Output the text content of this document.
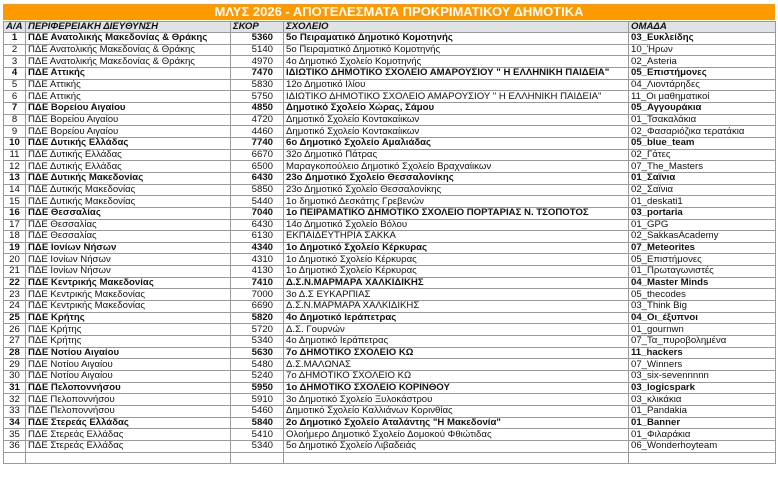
ΜΛΥΣ 2026 - ΑΠΟΤΕΛΕΣΜΑΤΑ ΠΡΟΚΡΙΜΑΤΙΚΟΥ ΔΗΜΟΤΙΚΑ
Α/Α	ΠΕΡΙΦΕΡΕΙΑΚΗ ΔΙΕΥΘΥΝΣΗ	ΣΚΟΡ	ΣΧΟΛΕΙΟ	ΟΜΑΔΑ
1	ΠΔΕ Ανατολικής Μακεδονίας & Θράκης	5360	5ο Πειραματικό Δημοτικό Κομοτηνής	03_Ευκλείδης
2	ΠΔΕ Ανατολικής Μακεδονίας & Θράκης	5140	5ο Πειραματικό Δημοτικό Κομοτηνής	10_Ήρων
3	ΠΔΕ Ανατολικής Μακεδονίας & Θράκης	4970	4ο Δημοτικό Σχολείο Κομοτηνής	02_Asteria
4	ΠΔΕ Αττικής	7470	ΙΔΙΩΤΙΚΟ ΔΗΜΟΤΙΚΟ ΣΧΟΛΕΙΟ ΑΜΑΡΟΥΣΙΟΥ " Η ΕΛΛΗΝΙΚΗ ΠΑΙΔΕΙΑ"	05_Επιστήμονες
5	ΠΔΕ Αττικής	5830	12ο Δημοτικό Ιλίου	04_Λιοντάρηδες
6	ΠΔΕ Αττικής	5750	ΙΔΙΩΤΙΚΟ ΔΗΜΟΤΙΚΟ ΣΧΟΛΕΙΟ ΑΜΑΡΟΥΣΙΟΥ " Η ΕΛΛΗΝΙΚΗ ΠΑΙΔΕΙΑ"	11_Οι μαθηματικοί
7	ΠΔΕ Βορείου Αιγαίου	4850	Δημοτικό Σχολείο Χώρας, Σάμου	05_Αγγουράκια
8	ΠΔΕ Βορείου Αιγαίου	4720	Δημοτικό Σχολείο Κοντακαίικων	01_Τσακαλάκια
9	ΠΔΕ Βορείου Αιγαίου	4460	Δημοτικό Σχολείο Κοντακαίικων	02_Φασαριόζικα τερατάκια
10	ΠΔΕ Δυτικής Ελλάδας	7740	6ο Δημοτικό Σχολείο Αμαλιάδας	05_blue_team
11	ΠΔΕ Δυτικής Ελλάδας	6670	32ο Δημοτικό Πάτρας	02_Γάτες
12	ΠΔΕ Δυτικής Ελλάδας	6500	Μαραγκοπούλειο Δημοτικό Σχολείο Βραχναίικων	07_The_Masters
13	ΠΔΕ Δυτικής Μακεδονίας	6430	23ο Δημοτικό Σχολείο Θεσσαλονίκης	01_Σαϊνια
14	ΠΔΕ Δυτικής Μακεδονίας	5850	23ο Δημοτικό Σχολείο Θεσσαλονίκης	02_Σαϊνια
15	ΠΔΕ Δυτικής Μακεδονίας	5440	1ο δημοτικό Δεσκάτης Γρεβενών	01_deskati1
16	ΠΔΕ Θεσσαλίας	7040	1ο ΠΕΙΡΑΜΑΤΙΚΟ ΔΗΜΟΤΙΚΟ ΣΧΟΛΕΙΟ ΠΟΡΤΑΡΙΑΣ Ν. ΤΣΟΠΟΤΟΣ	03_portaria
17	ΠΔΕ Θεσσαλίας	6430	14ο Δημοτικό Σχολείο Βόλου	01_GPG
18	ΠΔΕ Θεσσαλίας	6130	ΕΚΠΑΙΔΕΥΤΗΡΙΑ ΣΑΚΚΑ	02_SakkasAcademy
19	ΠΔΕ Ιονίων Νήσων	4340	1ο Δημοτικό Σχολείο Κέρκυρας	07_Meteorites
20	ΠΔΕ Ιονίων Νήσων	4310	1ο Δημοτικό Σχολείο Κέρκυρας	05_Επιστήμονες
21	ΠΔΕ Ιονίων Νήσων	4130	1ο Δημοτικό Σχολείο Κέρκυρας	01_Πρωταγωνιστές
22	ΠΔΕ Κεντρικής Μακεδονίας	7410	Δ.Σ.Ν.ΜΑΡΜΑΡΑ ΧΑΛΚΙΔΙΚΗΣ	04_Master Minds
23	ΠΔΕ Κεντρικής Μακεδονίας	7000	3ο Δ.Σ ΕΥΚΑΡΠΙΑΣ	05_thecodes
24	ΠΔΕ Κεντρικής Μακεδονίας	6690	Δ.Σ.Ν.ΜΑΡΜΑΡΑ ΧΑΛΚΙΔΙΚΗΣ	03_Think Big
25	ΠΔΕ Κρήτης	5820	4ο Δημοτικό Ιεράπετρας	04_Οι_έξυπνοι
26	ΠΔΕ Κρήτης	5720	Δ.Σ. Γουρνών	01_gournwn
27	ΠΔΕ Κρήτης	5340	4ο Δημοτικό Ιεράπετρας	07_Τα_πυροβολημένα
28	ΠΔΕ Νοτίου Αιγαίου	5630	7ο ΔΗΜΟΤΙΚΟ ΣΧΟΛΕΙΟ ΚΩ	11_hackers
29	ΠΔΕ Νοτίου Αιγαίου	5480	Δ.Σ.ΜΑΛΩΝΑΣ	07_Winners
30	ΠΔΕ Νοτίου Αιγαίου	5240	7ο ΔΗΜΟΤΙΚΟ ΣΧΟΛΕΙΟ ΚΩ	03_six-sevennnnn
31	ΠΔΕ Πελοποννήσου	5950	1ο ΔΗΜΟΤΙΚΟ ΣΧΟΛΕΙΟ ΚΟΡΙΝΘΟΥ	03_logicspark
32	ΠΔΕ Πελοποννήσου	5910	3ο Δημοτικό Σχολείο Ξυλοκάστρου	03_κλικάκια
33	ΠΔΕ Πελοποννήσου	5460	Δημοτικό Σχολείο Καλλιάνων Κορινθίας	01_Pandakia
34	ΠΔΕ Στερεάς Ελλάδας	5840	2ο Δημοτικό Σχολείο Αταλάντης "Η Μακεδονία"	01_Banner
35	ΠΔΕ Στερεάς Ελλάδας	5410	Ολοήμερο Δημοτικό Σχολείο Δομοκού Φθιώτιδας	01_Φιλαράκια
36	ΠΔΕ Στερεάς Ελλάδας	5340	5ο Δημοτικό Σχολείο Λιβαδειάς	06_Wonderhoyteam
